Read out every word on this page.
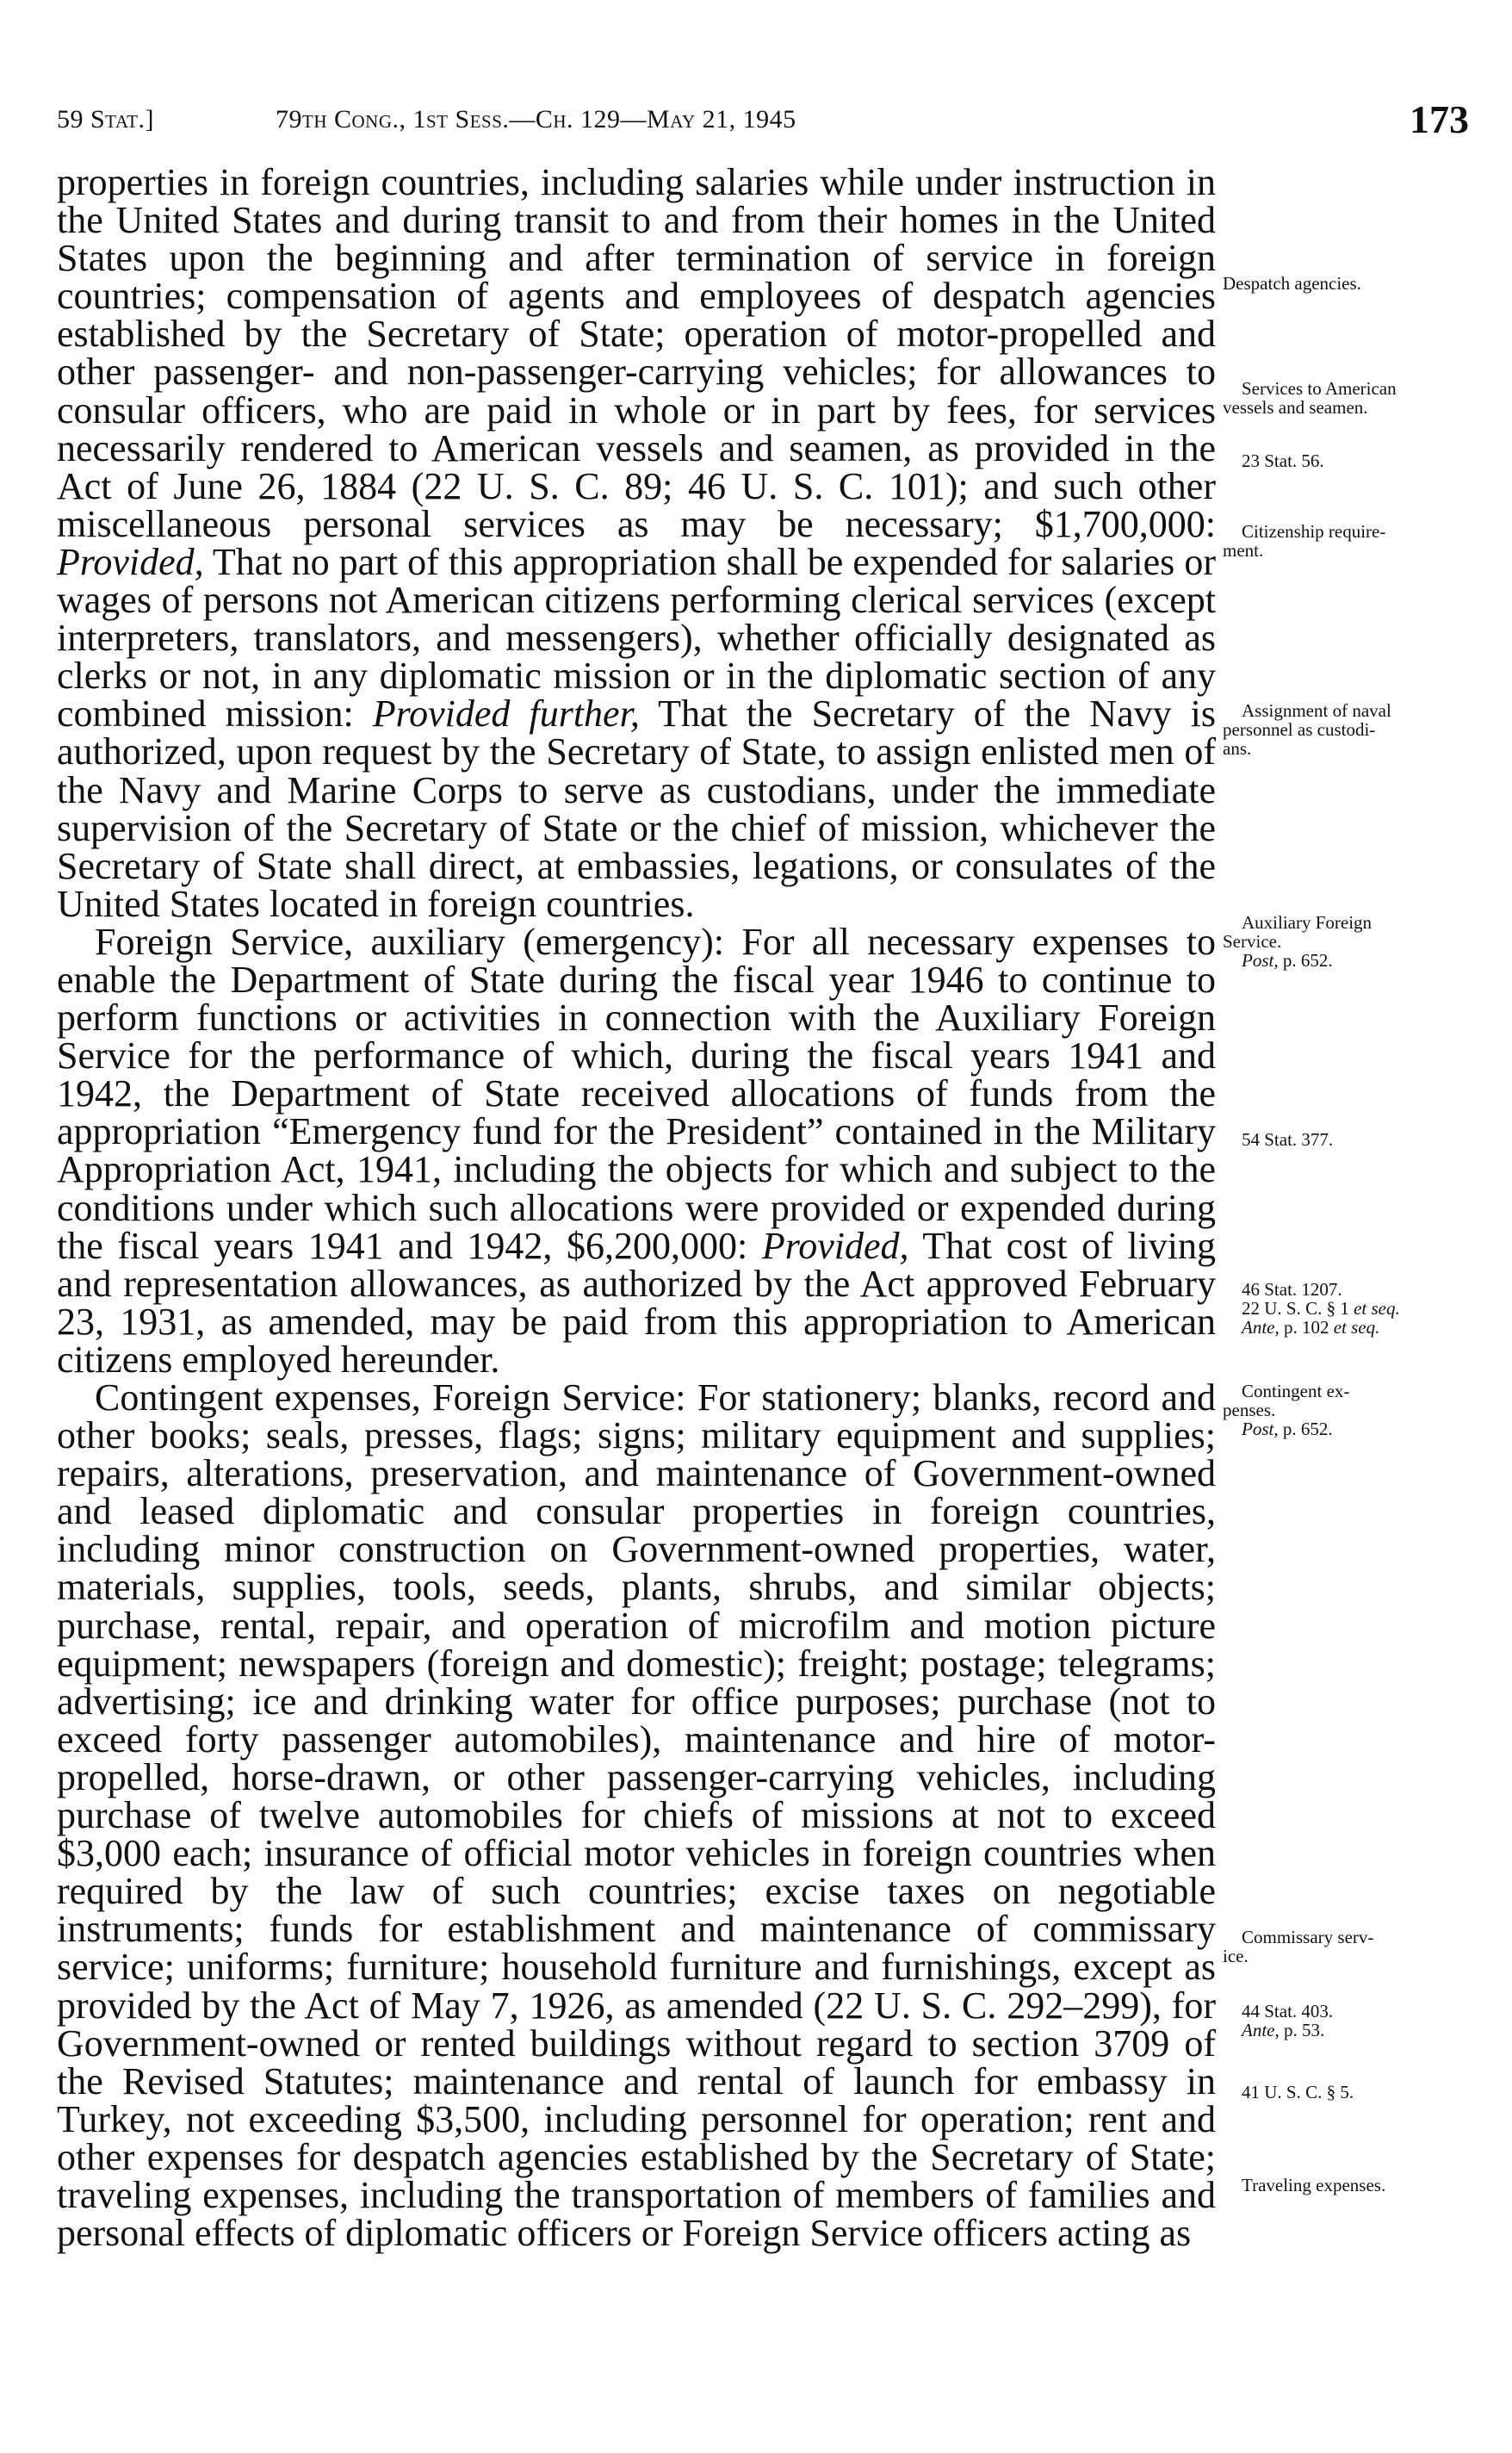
59 Stat.]	79th Cong., 1st Sess.—Ch. 129—May 21, 1945	173

properties in foreign countries, including salaries while under instruction in the United States and during transit to and from their homes in the United States upon the beginning and after termination of service in foreign countries; compensation of agents and employees of despatch agencies established by the Secretary of State; operation of motor-propelled and other passenger- and non-passenger-carrying vehicles; for allowances to consular officers, who are paid in whole or in part by fees, for services necessarily rendered to American vessels and seamen, as provided in the Act of June 26, 1884 (22 U. S. C. 89; 46 U. S. C. 101); and such other miscellaneous personal services as may be necessary; $1,700,000: Provided, That no part of this appropriation shall be expended for salaries or wages of persons not American citizens performing clerical services (except interpreters, translators, and messengers), whether officially designated as clerks or not, in any diplomatic mission or in the diplomatic section of any combined mission: Provided further, That the Secretary of the Navy is authorized, upon request by the Secretary of State, to assign enlisted men of the Navy and Marine Corps to serve as custodians, under the immediate supervision of the Secretary of State or the chief of mission, whichever the Secretary of State shall direct, at embassies, legations, or consulates of the United States located in foreign countries.

Foreign Service, auxiliary (emergency): For all necessary expenses to enable the Department of State during the fiscal year 1946 to continue to perform functions or activities in connection with the Auxiliary Foreign Service for the performance of which, during the fiscal years 1941 and 1942, the Department of State received allocations of funds from the appropriation “Emergency fund for the President” contained in the Military Appropriation Act, 1941, including the objects for which and subject to the conditions under which such allocations were provided or expended during the fiscal years 1941 and 1942, $6,200,000: Provided, That cost of living and representation allowances, as authorized by the Act approved February 23, 1931, as amended, may be paid from this appropriation to American citizens employed hereunder.

Contingent expenses, Foreign Service: For stationery; blanks, record and other books; seals, presses, flags; signs; military equipment and supplies; repairs, alterations, preservation, and maintenance of Government-owned and leased diplomatic and consular properties in foreign countries, including minor construction on Government-owned properties, water, materials, supplies, tools, seeds, plants, shrubs, and similar objects; purchase, rental, repair, and operation of microfilm and motion picture equipment; newspapers (foreign and domestic); freight; postage; telegrams; advertising; ice and drinking water for office purposes; purchase (not to exceed forty passenger automobiles), maintenance and hire of motor-propelled, horse-drawn, or other passenger-carrying vehicles, including purchase of twelve automobiles for chiefs of missions at not to exceed $3,000 each; insurance of official motor vehicles in foreign countries when required by the law of such countries; excise taxes on negotiable instruments; funds for establishment and maintenance of commissary service; uniforms; furniture; household furniture and furnishings, except as provided by the Act of May 7, 1926, as amended (22 U. S. C. 292–299), for Government-owned or rented buildings without regard to section 3709 of the Revised Statutes; maintenance and rental of launch for embassy in Turkey, not exceeding $3,500, including personnel for operation; rent and other expenses for despatch agencies established by the Secretary of State; traveling expenses, including the transportation of members of families and personal effects of diplomatic officers or Foreign Service officers acting as

Despatch agencies.
Services to American
vessels and seamen.
23 Stat. 56.
Citizenship require-
ment.
Assignment of naval
personnel as custodi-
ans.
Auxiliary Foreign
Service.

Post, p. 652.
54 Stat. 377.
46 Stat. 1207.
22 U. S. C. § 1 et seq.
Ante, p. 102 et seq.
Contingent ex-
penses.

Post, p. 652.
Commissary serv-
ice.
44 Stat. 403.
Ante, p. 53.
41 U. S. C. § 5.
Traveling expenses.
